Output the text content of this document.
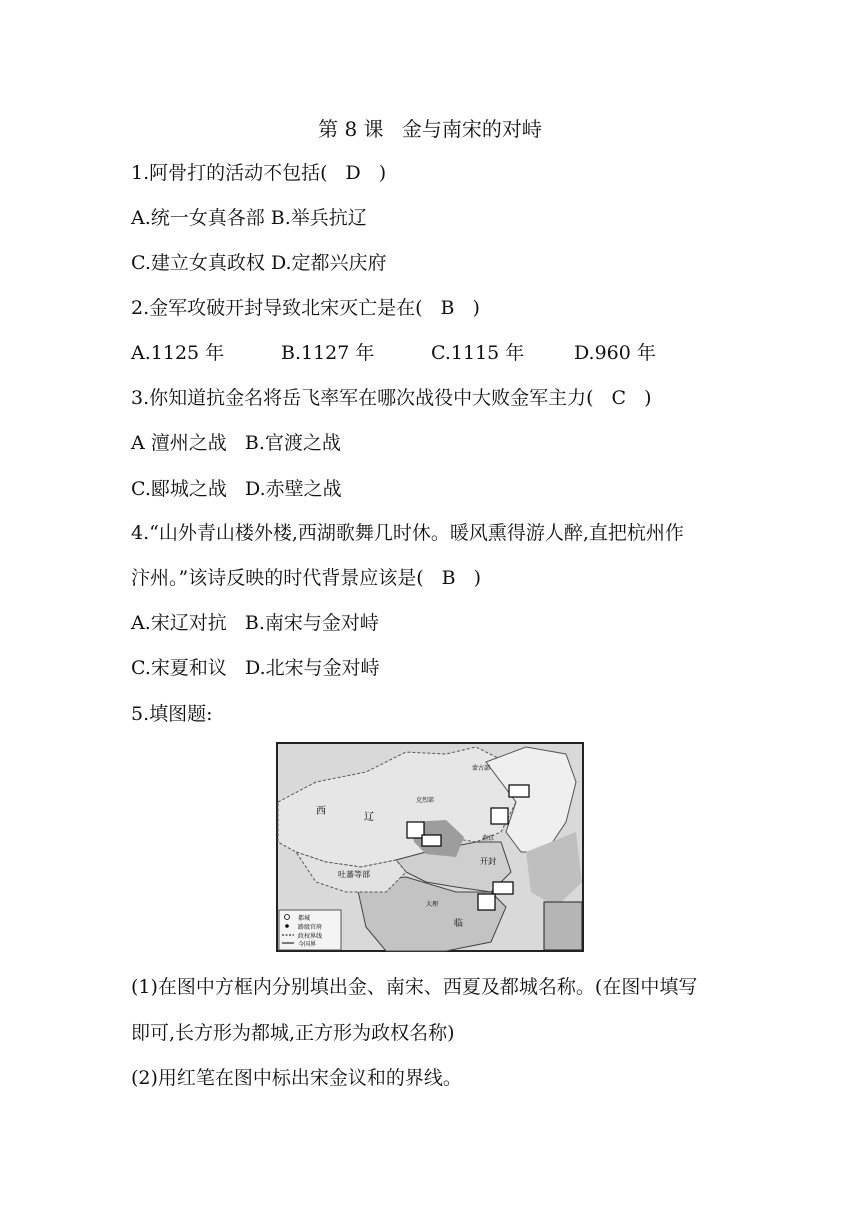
第 8 课 金与南宋的对峙
1.阿骨打的活动不包括( D )
A.统一女真各部 B.举兵抗辽
C.建立女真政权 D.定都兴庆府
2.金军攻破开封导致北宋灭亡是在( B )
A.1125 年	B.1127 年	C.1115 年	D.960 年
3.你知道抗金名将岳飞率军在哪次战役中大败金军主力( C )
A 澶州之战   B.官渡之战
C.郾城之战   D.赤壁之战
4.“山外青山楼外楼,西湖歌舞几时休。暖风熏得游人醉,直把杭州作
汴州。”该诗反映的时代背景应该是( B )
A.宋辽对抗   B.南宋与金对峙
C.宋夏和议   D.北宋与金对峙
5.填图题:
都城
路级官府
政权界线
今国界
西
辽
吐蕃等部
开封
蒙古部
克烈部
燕京
大理
临
(1)在图中方框内分别填出金、南宋、西夏及都城名称。(在图中填写
即可,长方形为都城,正方形为政权名称)
(2)用红笔在图中标出宋金议和的界线。
